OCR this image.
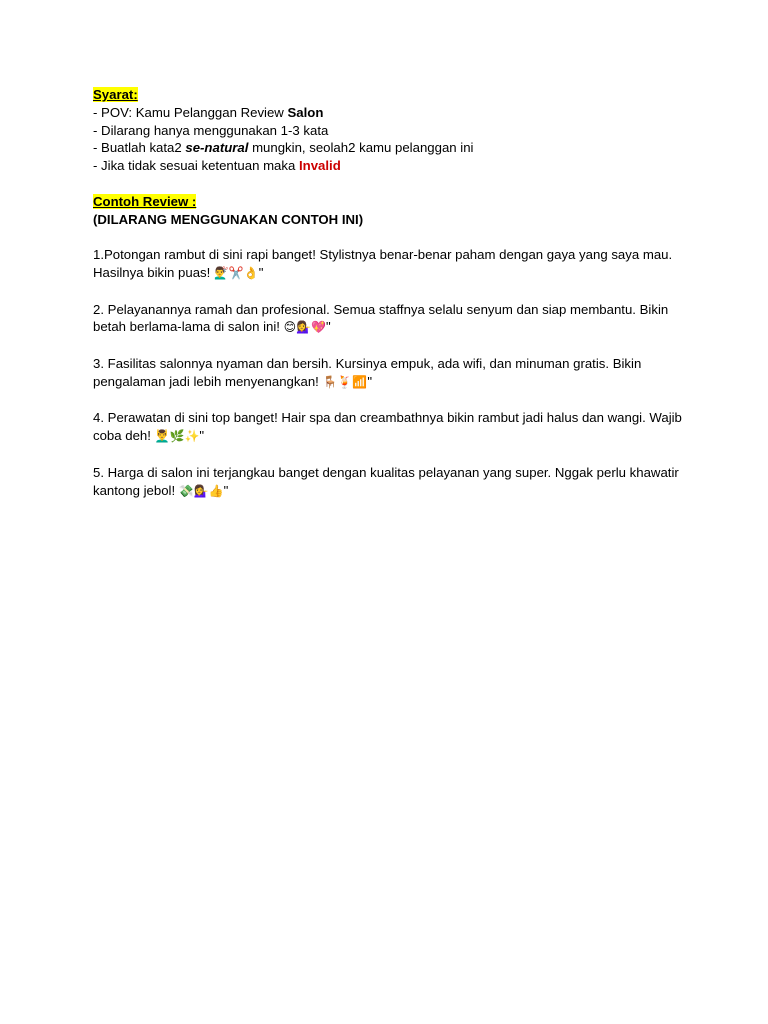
Syarat:
- POV: Kamu Pelanggan Review Salon
- Dilarang hanya menggunakan 1-3 kata
- Buatlah kata2 se-natural mungkin, seolah2 kamu pelanggan ini
- Jika tidak sesuai ketentuan maka Invalid
Contoh Review :
(DILARANG MENGGUNAKAN CONTOH INI)
1.Potongan rambut di sini rapi banget! Stylistnya benar-benar paham dengan gaya yang saya mau. Hasilnya bikin puas! 💇‍♂️✂️👌"
2. Pelayanannya ramah dan profesional. Semua staffnya selalu senyum dan siap membantu. Bikin betah berlama-lama di salon ini! 😊💁‍♀️💖"
3. Fasilitas salonnya nyaman dan bersih. Kursinya empuk, ada wifi, dan minuman gratis. Bikin pengalaman jadi lebih menyenangkan! 🪑🍹📶"
4. Perawatan di sini top banget! Hair spa dan creambathnya bikin rambut jadi halus dan wangi. Wajib coba deh! 💆‍♂️🌿✨"
5. Harga di salon ini terjangkau banget dengan kualitas pelayanan yang super. Nggak perlu khawatir kantong jebol! 💸💁‍♀️👍"
